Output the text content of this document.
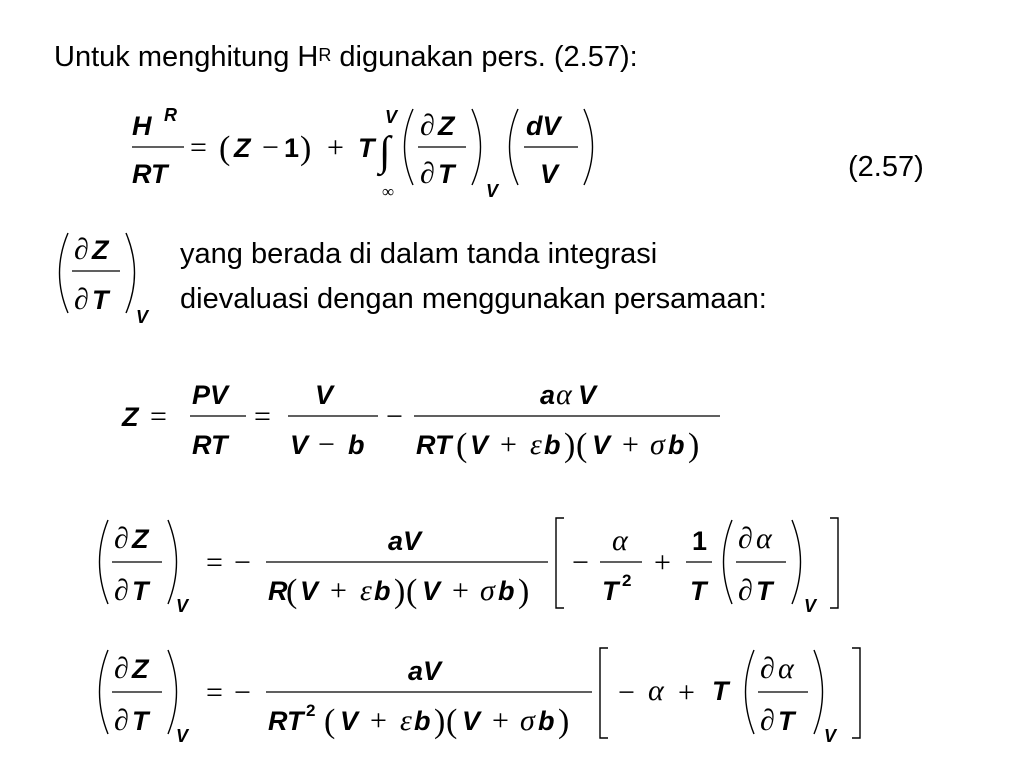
Untuk menghitung $H^R$ digunakan pers. (2.57):
H R
RT
= ( Z − 1 ) + T ∫
V
∞
∂ Z
∂ T
V
dV
V	(2.57)
∂ Z
∂ T
V
yang berada di dalam tanda integrasi
dievaluasi dengan menggunakan persamaan:
Z =
PV
RT
=
V
V − b
−
a α V
RT ( V + ε b ) ( V + σ b )
∂ Z
∂ T V
= −
aV
R
( V + ε b ) ( V + σ b )
−
α
T 2
+
1
T
∂ α
∂ T V
∂ Z
∂ T V
= −
aV
RT 2 ( V + ε b ) ( V + σ b )
− α + T
∂ α
∂ T V
